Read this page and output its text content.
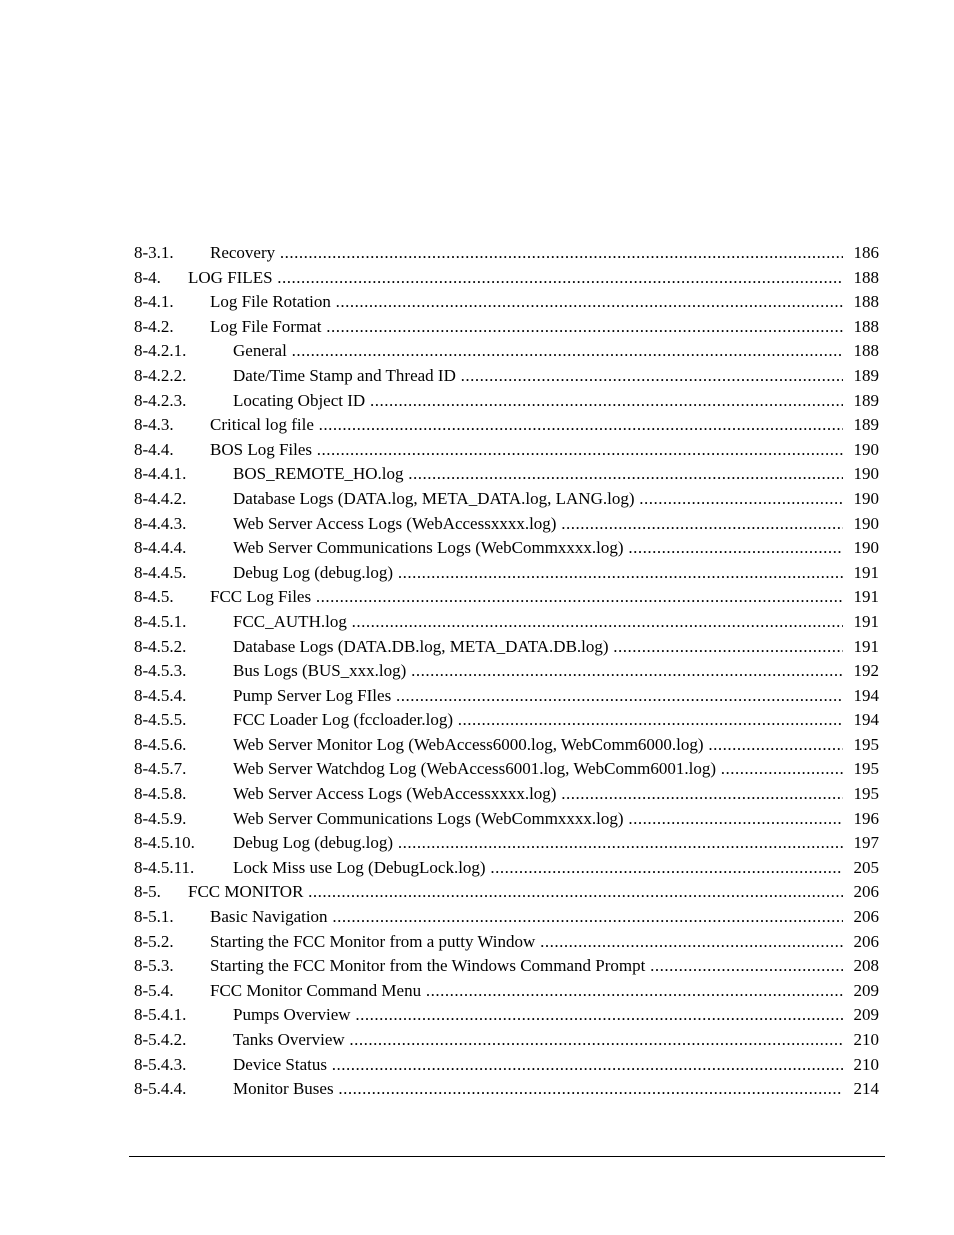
8-3.1. Recovery .....	186
8-4. LOG FILES .....	188
8-4.1. Log File Rotation .....	188
8-4.2. Log File Format .....	188
8-4.2.1.	General .....	188
8-4.2.2.	Date/Time Stamp and Thread ID .....	189
8-4.2.3.	Locating Object ID .....	189
8-4.3. Critical log file .....	189
8-4.4. BOS Log Files .....	190
8-4.4.1.	BOS_REMOTE_HO.log .....	190
8-4.4.2.	Database Logs (DATA.log, META_DATA.log, LANG.log) .....	190
8-4.4.3.	Web Server Access Logs (WebAccessxxxx.log) .....	190
8-4.4.4.	Web Server Communications Logs (WebCommxxxx.log) .....	190
8-4.4.5.	Debug Log (debug.log) .....	191
8-4.5. FCC Log Files .....	191
8-4.5.1.	FCC_AUTH.log .....	191
8-4.5.2.	Database Logs (DATA.DB.log, META_DATA.DB.log) .....	191
8-4.5.3.	Bus Logs (BUS_xxx.log) .....	192
8-4.5.4.	Pump Server Log FIles .....	194
8-4.5.5.	FCC Loader Log (fccloader.log) .....	194
8-4.5.6.	Web Server Monitor Log (WebAccess6000.log, WebComm6000.log) .....	195
8-4.5.7.	Web Server Watchdog Log (WebAccess6001.log, WebComm6001.log) .....	195
8-4.5.8.	Web Server Access Logs (WebAccessxxxx.log) .....	195
8-4.5.9.	Web Server Communications Logs (WebCommxxxx.log) .....	196
8-4.5.10. Debug Log (debug.log) .....	197
8-4.5.11. Lock Miss use Log (DebugLock.log) .....	205
8-5. FCC MONITOR .....	206
8-5.1. Basic Navigation .....	206
8-5.2. Starting the FCC Monitor from a putty Window .....	206
8-5.3. Starting the FCC Monitor from the Windows Command Prompt .....	208
8-5.4. FCC Monitor Command Menu .....	209
8-5.4.1.	Pumps Overview .....	209
8-5.4.2.	Tanks Overview .....	210
8-5.4.3.	Device Status .....	210
8-5.4.4.	Monitor Buses .....	214
